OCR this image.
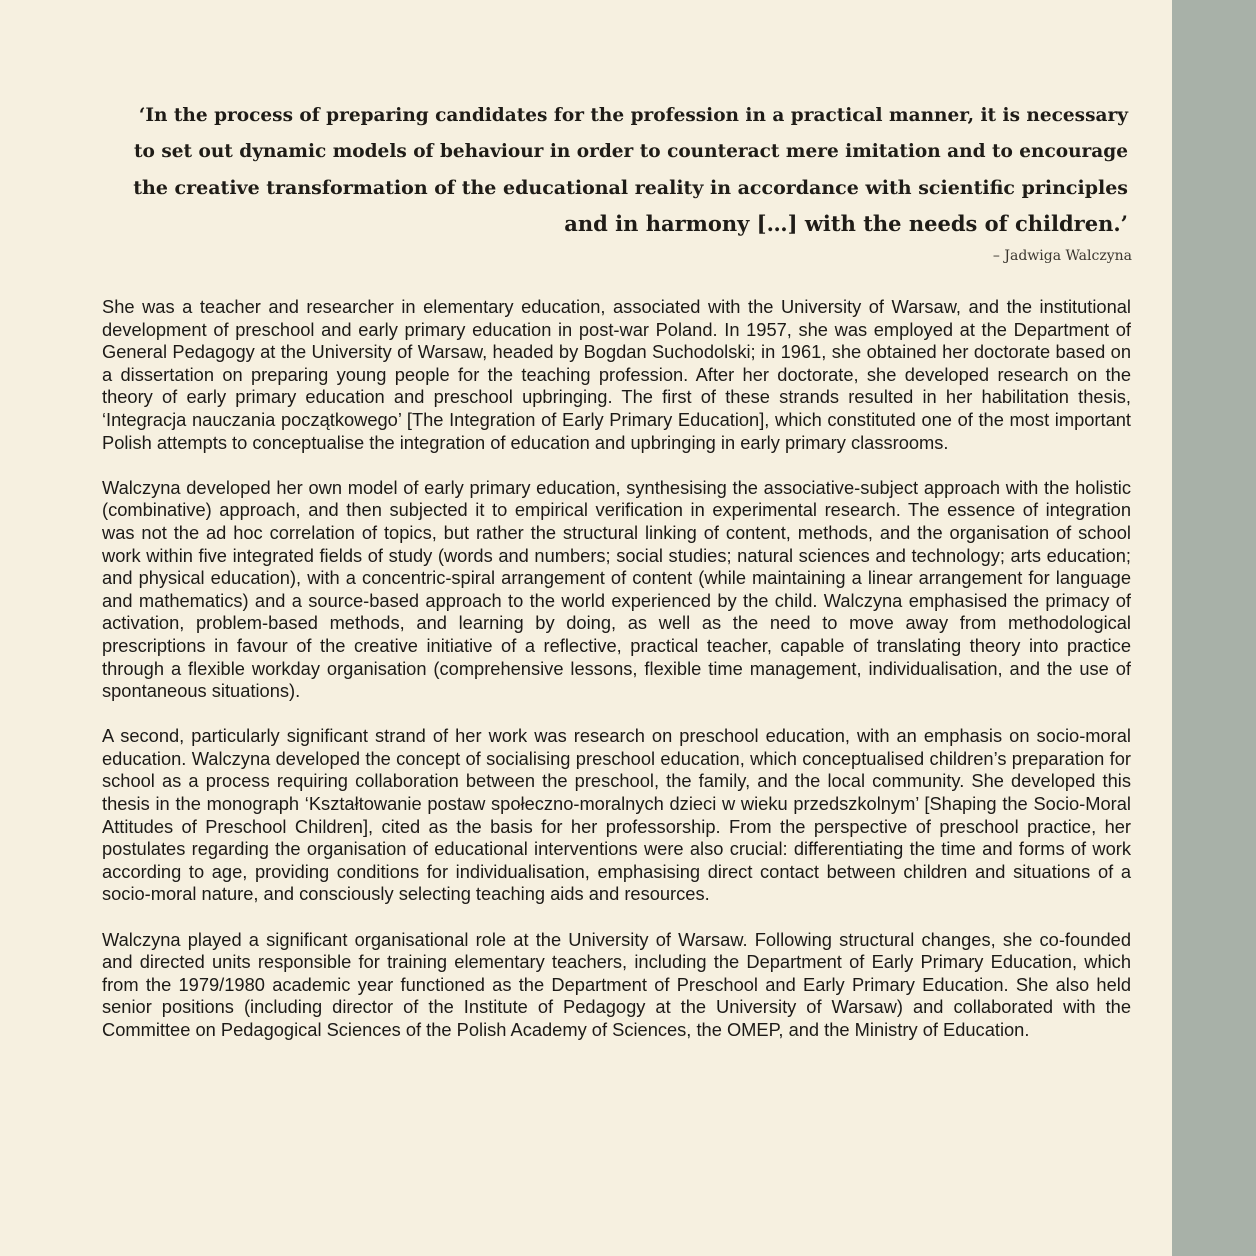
‘In the process of preparing candidates for the profession in a practical manner, it is necessary
to set out dynamic models of behaviour in order to counteract mere imitation and to encourage
the creative transformation of the educational reality in accordance with scientific principles
and in harmony […] with the needs of children.’
– Jadwiga Walczyna

She was a teacher and researcher in elementary education, associated with the University of Warsaw, and the institutional development of preschool and early primary education in post-war Poland. In 1957, she was employed at the Department of General Pedagogy at the University of Warsaw, headed by Bogdan Suchodolski; in 1961, she obtained her doctorate based on a dissertation on preparing young people for the teaching profession. After her doctorate, she developed research on the theory of early primary education and preschool upbringing. The first of these strands resulted in her habilitation thesis, ‘Integracja nauczania początkowego’ [The Integration of Early Primary Education], which constituted one of the most important Polish attempts to conceptualise the integration of education and upbringing in early primary classrooms.

Walczyna developed her own model of early primary education, synthesising the associative-subject approach with the holistic (combinative) approach, and then subjected it to empirical verification in experimental research. The essence of integration was not the ad hoc correlation of topics, but rather the structural linking of content, methods, and the organisation of school work within five integrated fields of study (words and numbers; social studies; natural sciences and technology; arts education; and physical education), with a concentric-spiral arrangement of content (while maintaining a linear arrangement for language and mathematics) and a source-based approach to the world experienced by the child. Walczyna emphasised the primacy of activation, problem-based methods, and learning by doing, as well as the need to move away from methodological prescriptions in favour of the creative initiative of a reflective, practical teacher, capable of translating theory into practice through a flexible workday organisation (comprehensive lessons, flexible time management, individualisation, and the use of spontaneous situations).

A second, particularly significant strand of her work was research on preschool education, with an emphasis on socio-moral education. Walczyna developed the concept of socialising preschool education, which conceptualised children’s preparation for school as a process requiring collaboration between the preschool, the family, and the local community. She developed this thesis in the monograph ‘Kształtowanie postaw społeczno-moralnych dzieci w wieku przedszkolnym’ [Shaping the Socio-Moral Attitudes of Preschool Children], cited as the basis for her professorship. From the perspective of preschool practice, her postulates regarding the organisation of educational interventions were also crucial: differentiating the time and forms of work according to age, providing conditions for individualisation, emphasising direct contact between children and situations of a socio-moral nature, and consciously selecting teaching aids and resources.

Walczyna played a significant organisational role at the University of Warsaw. Following structural changes, she co-founded and directed units responsible for training elementary teachers, including the Department of Early Primary Education, which from the 1979/1980 academic year functioned as the Department of Preschool and Early Primary Education. She also held senior positions (including director of the Institute of Pedagogy at the University of Warsaw) and collaborated with the Committee on Pedagogical Sciences of the Polish Academy of Sciences, the OMEP, and the Ministry of Education.
